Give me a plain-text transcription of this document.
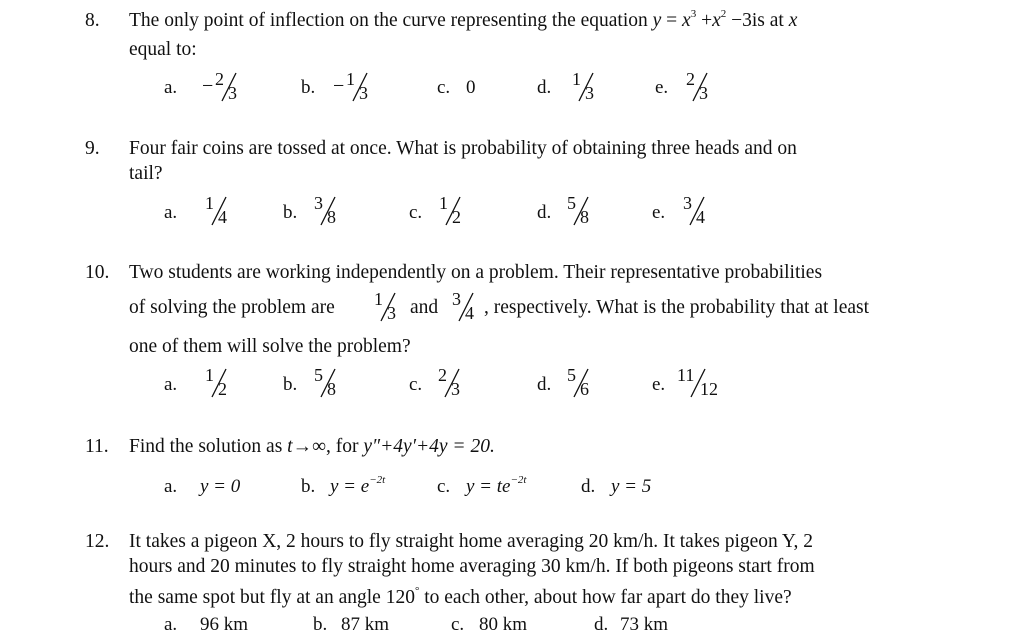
8. The only point of inflection on the curve representing the equation $y = x^3 +x^2 -3is$ at x
equal to:
a. − 2
3	b. − 1
3	c. 0	d. 1
3	e. 2
3
9. Four fair coins are tossed at once. What is probability of obtaining three heads and on
tail?
a. 1
4	b. 3
8	c. 1
2	d. 5
8	e. 3
4
10. Two students are working independently on a problem. Their representative probabilities
of solving the problem are 1
3 and 3
4 , respectively. What is the probability that at least
one of them will solve the problem?
a. 1
2	b. 5
8	c. 2
3	d. 5
6	e. 11
12
11. Find the solution as t→∞, for y″+4y′+4y = 20.
a. y = 0	b. $y = e^{-2t}$	c. $y = te^{-2t}$	d. y = 5
12. It takes a pigeon X, 2 hours to fly straight home averaging 20 km/h. It takes pigeon Y, 2
hours and 20 minutes to fly straight home averaging 30 km/h. If both pigeons start from
the same spot but fly at an angle 120° to each other, about how far apart do they live?
a. 96 km	b. 87 km	c. 80 km	d. 73 km
